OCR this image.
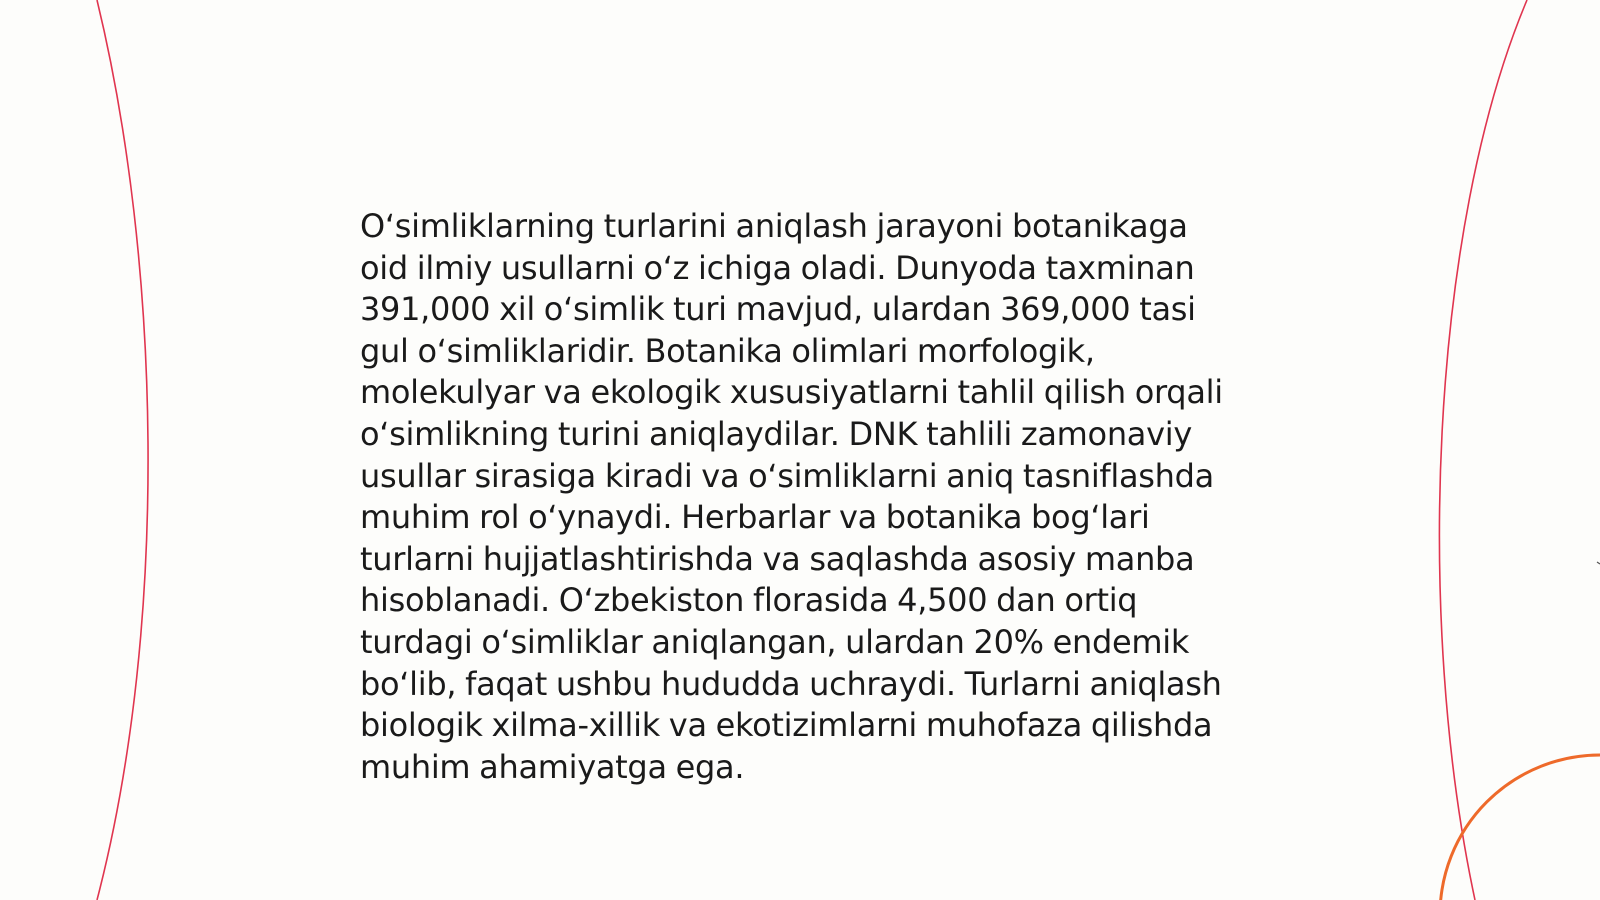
O‘simliklarning turlarini aniqlash jarayoni botanikaga oid ilmiy usullarni o‘z ichiga oladi. Dunyoda taxminan 391,000 xil o‘simlik turi mavjud, ulardan 369,000 tasi gul o‘simliklaridir. Botanika olimlari morfologik, molekulyar va ekologik xususiyatlarni tahlil qilish orqali o‘simlikning turini aniqlaydilar. DNK tahlili zamonaviy usullar sirasiga kiradi va o‘simliklarni aniq tasniflashda muhim rol o‘ynaydi. Herbarlar va botanika bog‘lari turlarni hujjatlashtirishda va saqlashda asosiy manba hisoblanadi. O‘zbekiston florasida 4,500 dan ortiq turdagi o‘simliklar aniqlangan, ulardan 20% endemik bo‘lib, faqat ushbu hududda uchraydi. Turlarni aniqlash biologik xilma-xillik va ekotizimlarni muhofaza qilishda muhim ahamiyatga ega.
